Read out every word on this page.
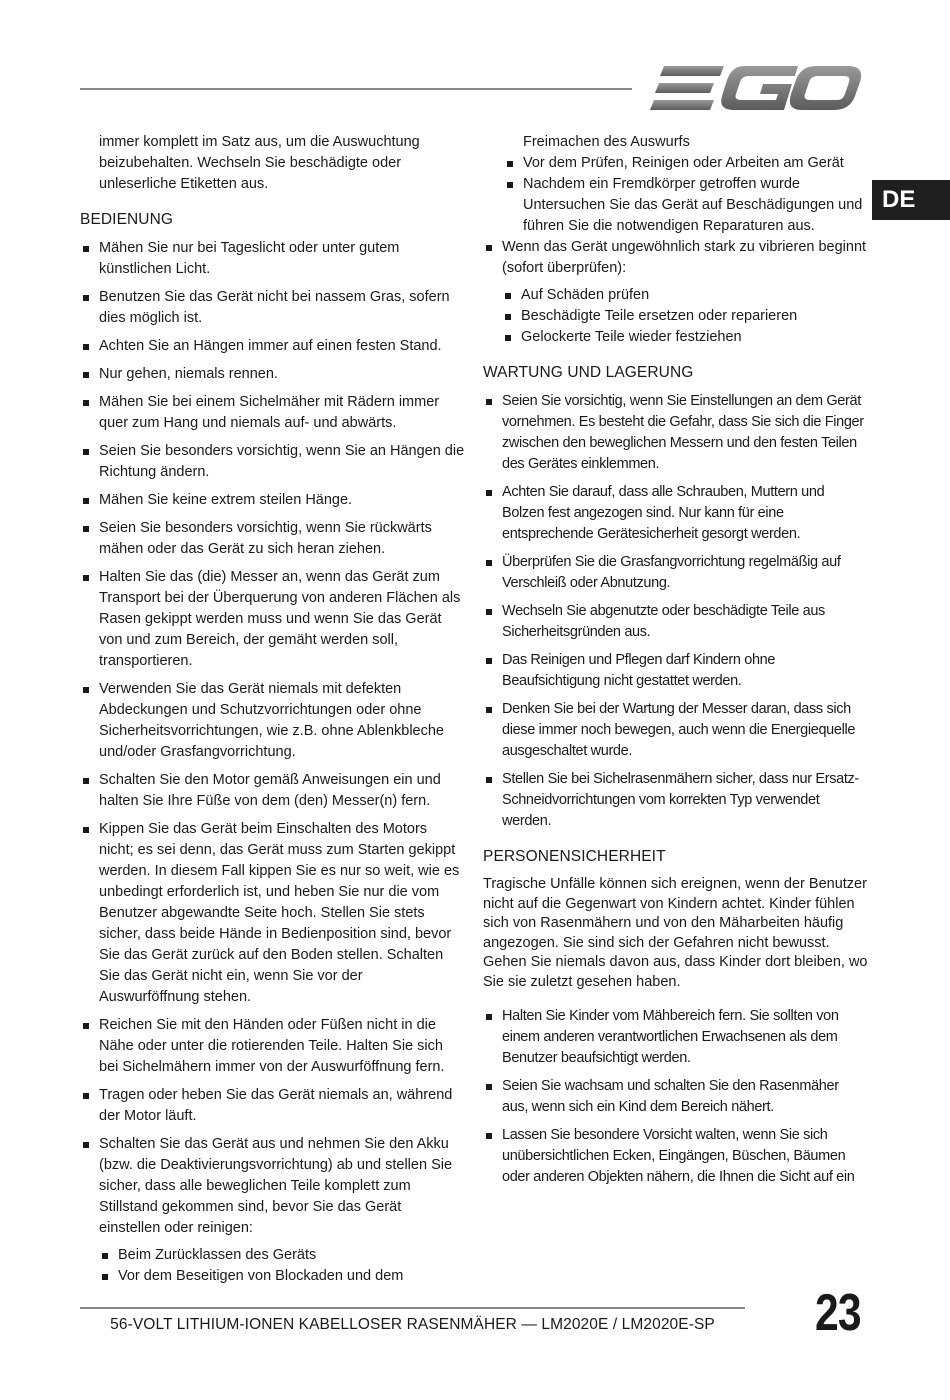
DE

immer komplett im Satz aus, um die Auswuchtung beizubehalten. Wechseln Sie beschädigte oder unleserliche Etiketten aus.

BEDIENUNG
Mähen Sie nur bei Tageslicht oder unter gutem künstlichen Licht.
Benutzen Sie das Gerät nicht bei nassem Gras, sofern dies möglich ist.
Achten Sie an Hängen immer auf einen festen Stand.
Nur gehen, niemals rennen.
Mähen Sie bei einem Sichelmäher mit Rädern immer quer zum Hang und niemals auf- und abwärts.
Seien Sie besonders vorsichtig, wenn Sie an Hängen die Richtung ändern.
Mähen Sie keine extrem steilen Hänge.
Seien Sie besonders vorsichtig, wenn Sie rückwärts mähen oder das Gerät zu sich heran ziehen.
Halten Sie das (die) Messer an, wenn das Gerät zum Transport bei der Überquerung von anderen Flächen als Rasen gekippt werden muss und wenn Sie das Gerät von und zum Bereich, der gemäht werden soll, transportieren.
Verwenden Sie das Gerät niemals mit defekten Abdeckungen und Schutzvorrichtungen oder ohne Sicherheitsvorrichtungen, wie z.B. ohne Ablenkbleche und/oder Grasfangvorrichtung.
Schalten Sie den Motor gemäß Anweisungen ein und halten Sie Ihre Füße von dem (den) Messer(n) fern.
Kippen Sie das Gerät beim Einschalten des Motors nicht; es sei denn, das Gerät muss zum Starten gekippt werden. In diesem Fall kippen Sie es nur so weit, wie es unbedingt erforderlich ist, und heben Sie nur die vom Benutzer abgewandte Seite hoch. Stellen Sie stets sicher, dass beide Hände in Bedienposition sind, bevor Sie das Gerät zurück auf den Boden stellen. Schalten Sie das Gerät nicht ein, wenn Sie vor der Auswurföffnung stehen.
Reichen Sie mit den Händen oder Füßen nicht in die Nähe oder unter die rotierenden Teile. Halten Sie sich bei Sichelmähern immer von der Auswurföffnung fern.
Tragen oder heben Sie das Gerät niemals an, während der Motor läuft.
Schalten Sie das Gerät aus und nehmen Sie den Akku (bzw. die Deaktivierungsvorrichtung) ab und stellen Sie sicher, dass alle beweglichen Teile komplett zum Stillstand gekommen sind, bevor Sie das Gerät einstellen oder reinigen:
Beim Zurücklassen des Geräts
Vor dem Beseitigen von Blockaden und dem

Freimachen des Auswurfs

Vor dem Prüfen, Reinigen oder Arbeiten am Gerät
Nachdem ein Fremdkörper getroffen wurde Untersuchen Sie das Gerät auf Beschädigungen und führen Sie die notwendigen Reparaturen aus.
Wenn das Gerät ungewöhnlich stark zu vibrieren beginnt (sofort überprüfen):
Auf Schäden prüfen
Beschädigte Teile ersetzen oder reparieren
Gelockerte Teile wieder festziehen
WARTUNG UND LAGERUNG
Seien Sie vorsichtig, wenn Sie Einstellungen an dem Gerät vornehmen. Es besteht die Gefahr, dass Sie sich die Finger zwischen den beweglichen Messern und den festen Teilen des Gerätes einklemmen.
Achten Sie darauf, dass alle Schrauben, Muttern und Bolzen fest angezogen sind. Nur kann für eine entsprechende Gerätesicherheit gesorgt werden.
Überprüfen Sie die Grasfangvorrichtung regelmäßig auf Verschleiß oder Abnutzung.
Wechseln Sie abgenutzte oder beschädigte Teile aus Sicherheitsgründen aus.
Das Reinigen und Pflegen darf Kindern ohne Beaufsichtigung nicht gestattet werden.
Denken Sie bei der Wartung der Messer daran, dass sich diese immer noch bewegen, auch wenn die Energiequelle ausgeschaltet wurde.
Stellen Sie bei Sichelrasenmähern sicher, dass nur Ersatz-Schneidvorrichtungen vom korrekten Typ verwendet werden.
PERSONENSICHERHEIT

Tragische Unfälle können sich ereignen, wenn der Benutzer nicht auf die Gegenwart von Kindern achtet. Kinder fühlen sich von Rasenmähern und von den Mäharbeiten häufig angezogen. Sie sind sich der Gefahren nicht bewusst. Gehen Sie niemals davon aus, dass Kinder dort bleiben, wo Sie sie zuletzt gesehen haben.

Halten Sie Kinder vom Mähbereich fern. Sie sollten von einem anderen verantwortlichen Erwachsenen als dem Benutzer beaufsichtigt werden.
Seien Sie wachsam und schalten Sie den Rasenmäher aus, wenn sich ein Kind dem Bereich nähert.
Lassen Sie besondere Vorsicht walten, wenn Sie sich unübersichtlichen Ecken, Eingängen, Büschen, Bäumen oder anderen Objekten nähern, die Ihnen die Sicht auf ein
56-VOLT LITHIUM-IONEN KABELLOSER RASENMÄHER — LM2020E / LM2020E-SP	23
